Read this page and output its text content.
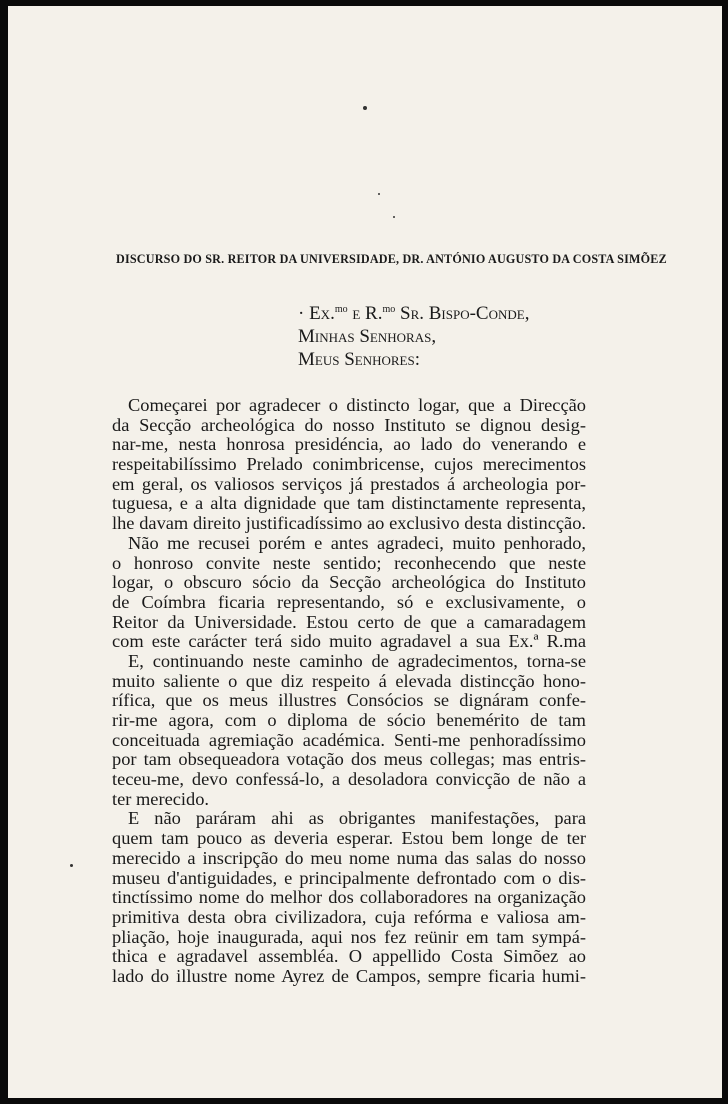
DISCURSO DO SR. REITOR DA UNIVERSIDADE, DR. ANTÓNIO AUGUSTO DA COSTA SIMÕEZ
· Ex.$^{mo}$ e R.$^{mo}$ Sr. Bispo-Conde,
Minhas Senhoras,
Meus Senhores:
Começarei por agradecer o distincto logar, que a Direcção
da Secção archeológica do nosso Instituto se dignou desig-
nar-me, nesta honrosa presidéncia, ao lado do venerando e
respeitabilíssimo Prelado conimbricense, cujos merecimentos
em geral, os valiosos serviços já prestados á archeologia por-
tuguesa, e a alta dignidade que tam distinctamente representa,
lhe davam direito justificadíssimo ao exclusivo desta distincção.
Não me recusei porém e antes agradeci, muito penhorado,
o honroso convite neste sentido; reconhecendo que neste
logar, o obscuro sócio da Secção archeológica do Instituto
de Coímbra ficaria representando, só e exclusivamente, o
Reitor da Universidade. Estou certo de que a camaradagem
com este carácter terá sido muito agradavel a sua Ex.ª R.ma
E, continuando neste caminho de agradecimentos, torna-se
muito saliente o que diz respeito á elevada distincção hono-
rífica, que os meus illustres Consócios se dignáram confe-
rir-me agora, com o diploma de sócio benemérito de tam
conceituada agremiação académica. Senti-me penhoradíssimo
por tam obsequeadora votação dos meus collegas; mas entris-
teceu-me, devo confessá-lo, a desoladora convicção de não a
ter merecido.
E não paráram ahi as obrigantes manifestações, para
quem tam pouco as deveria esperar. Estou bem longe de ter
merecido a inscripção do meu nome numa das salas do nosso
museu d'antiguidades, e principalmente defrontado com o dis-
tinctíssimo nome do melhor dos collaboradores na organização
primitiva desta obra civilizadora, cuja refórma e valiosa am-
pliação, hoje inaugurada, aqui nos fez reünir em tam sympá-
thica e agradavel assembléa. O appellido Costa Simõez ao
lado do illustre nome Ayrez de Campos, sempre ficaria humi-
